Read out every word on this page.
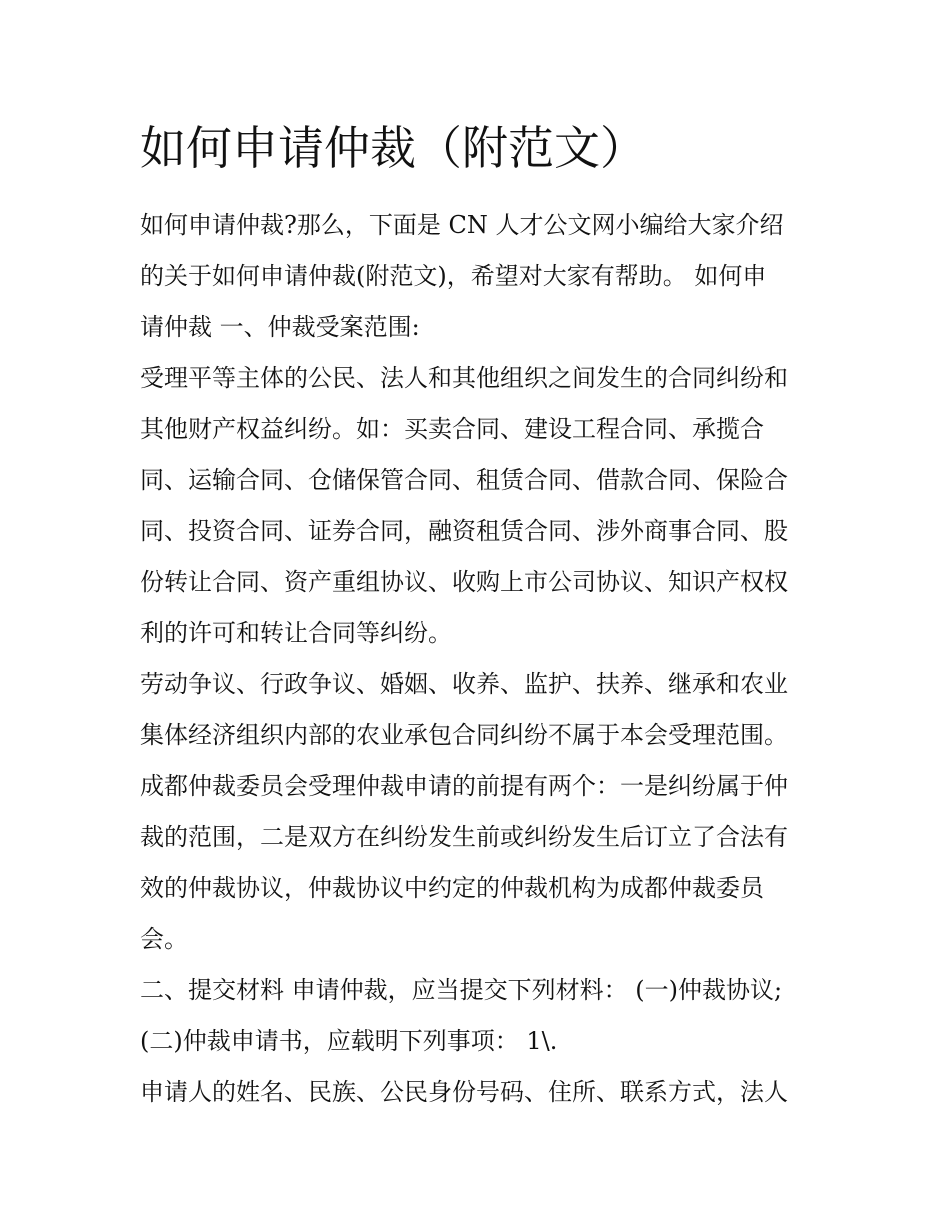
如何申请仲裁（附范文）
如何申请仲裁?那么，下面是 CN 人才公文网小编给大家介绍
的关于如何申请仲裁(附范文)，希望对大家有帮助。 如何申
请仲裁 一、仲裁受案范围:
受理平等主体的公民、法人和其他组织之间发生的合同纠纷和
其他财产权益纠纷。如：买卖合同、建设工程合同、承揽合
同、运输合同、仓储保管合同、租赁合同、借款合同、保险合
同、投资合同、证券合同，融资租赁合同、涉外商事合同、股
份转让合同、资产重组协议、收购上市公司协议、知识产权权
利的许可和转让合同等纠纷。
劳动争议、行政争议、婚姻、收养、监护、扶养、继承和农业
集体经济组织内部的农业承包合同纠纷不属于本会受理范围。
成都仲裁委员会受理仲裁申请的前提有两个：一是纠纷属于仲
裁的范围，二是双方在纠纷发生前或纠纷发生后订立了合法有
效的仲裁协议，仲裁协议中约定的仲裁机构为成都仲裁委员
会。
二、提交材料 申请仲裁，应当提交下列材料： (一)仲裁协议;
(二)仲裁申请书，应载明下列事项： 1\.
申请人的姓名、民族、公民身份号码、住所、联系方式，法人
